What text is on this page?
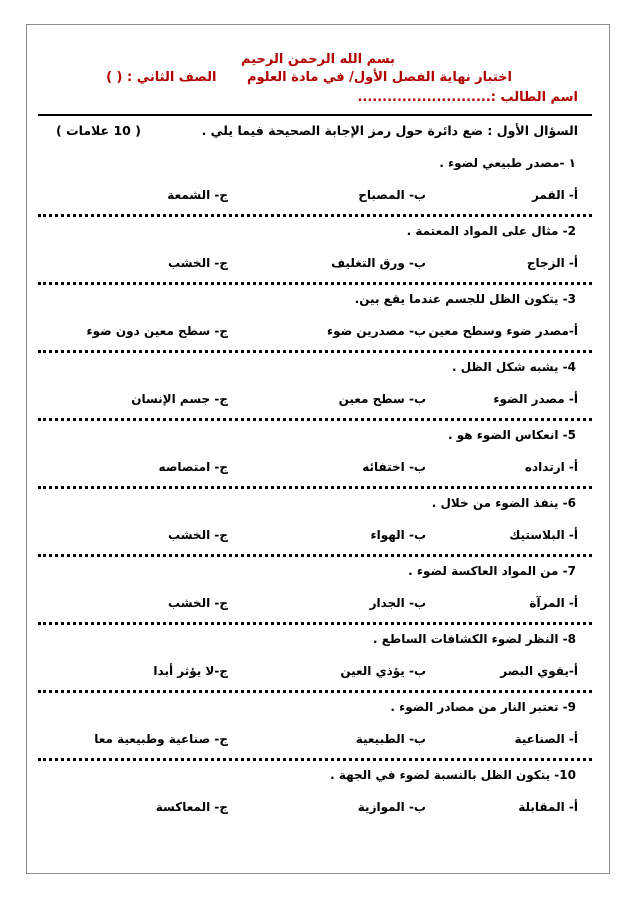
بسم الله الرحمن الرحيم
اختبار نهاية الفصل الأول/ في مادة العلوم الصف الثاني : ( )
اسم الطالب :...........................
السؤال الأول : ضع دائرة حول رمز الإجابة الصحيحة فيما يلي .
( 10 علامات )
١ -مصدر طبيعي لضوء .
أ- القمر
ب- المصباح
ج- الشمعة
2- مثال على المواد المعتمة .
أ- الزجاج
ب- ورق التغليف
ج- الخشب
3- يتكون الظل للجسم عندما يقع بين.
أ-مصدر ضوء وسطح معين
ب- مصدرين ضوء
ج- سطح معين دون ضوء
4- يشبه شكل الظل .
أ- مصدر الضوء
ب- سطح معين
ج- جسم الإنسان
5- انعكاس الضوء هو .
أ- ارتداده
ب- اختفائه
ج- امتصاصه
6- ينفذ الضوء من خلال .
أ- البلاستيك
ب- الهواء
ج- الخشب
7- من المواد العاكسة لضوء .
أ- المرآة
ب- الجدار
ج- الخشب
8- النظر لضوء الكشافات الساطع .
أ-يقوي البصر
ب- يؤذي العين
ج-لا يؤثر أبدا
9- تعتبر النار من مصادر الضوء .
أ- الصناعية
ب- الطبيعية
ج- صناعية وطبيعية معا
10- يتكون الظل بالنسبة لضوء في الجهة .
أ- المقابلة
ب- الموازية
ج- المعاكسة
